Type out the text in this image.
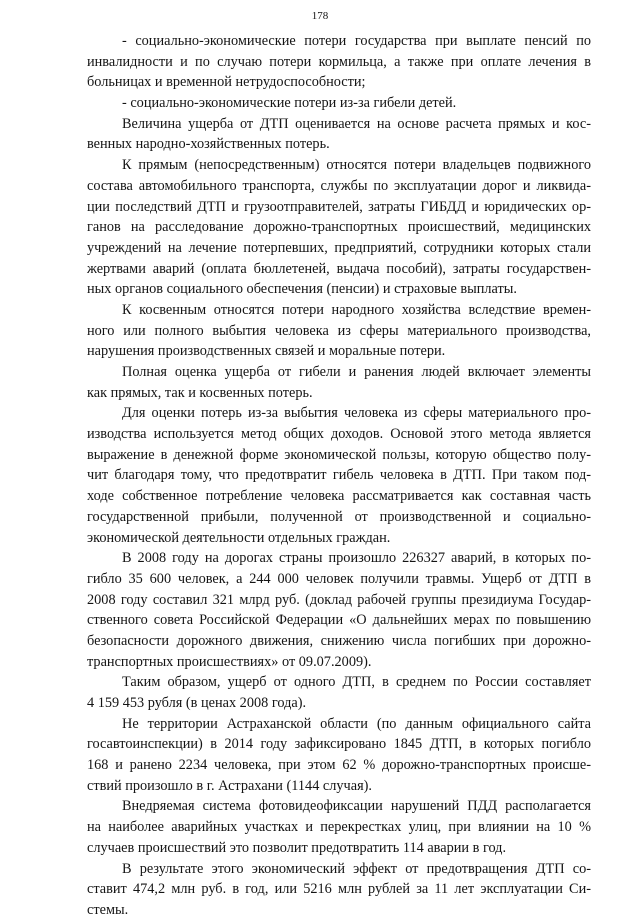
178
- социально-экономические потери государства при выплате пенсий по
инвалидности и по случаю потери кормильца, а также при оплате лечения в
больницах и временной нетрудоспособности;
- социально-экономические потери из-за гибели детей.
Величина ущерба от ДТП оценивается на основе расчета прямых и кос-
венных народно-хозяйственных потерь.
К прямым (непосредственным) относятся потери владельцев подвижного
состава автомобильного транспорта, службы по эксплуатации дорог и ликвида-
ции последствий ДТП и грузоотправителей, затраты ГИБДД и юридических ор-
ганов на расследование дорожно-транспортных происшествий, медицинских
учреждений на лечение потерпевших, предприятий, сотрудники которых стали
жертвами аварий (оплата бюллетеней, выдача пособий), затраты государствен-
ных органов социального обеспечения (пенсии) и страховые выплаты.
К косвенным относятся потери народного хозяйства вследствие времен-
ного или полного выбытия человека из сферы материального производства,
нарушения производственных связей и моральные потери.
Полная оценка ущерба от гибели и ранения людей включает элементы
как прямых, так и косвенных потерь.
Для оценки потерь из-за выбытия человека из сферы материального про-
изводства используется метод общих доходов. Основой этого метода является
выражение в денежной форме экономической пользы, которую общество полу-
чит благодаря тому, что предотвратит гибель человека в ДТП. При таком под-
ходе собственное потребление человека рассматривается как составная часть
государственной прибыли, полученной от производственной и социально-
экономической деятельности отдельных граждан.
В 2008 году на дорогах страны произошло 226327 аварий, в которых по-
гибло 35 600 человек, а 244 000 человек получили травмы. Ущерб от ДТП в
2008 году составил 321 млрд руб. (доклад рабочей группы президиума Государ-
ственного совета Российской Федерации «О дальнейших мерах по повышению
безопасности дорожного движения, снижению числа погибших при дорожно-
транспортных происшествиях» от 09.07.2009).
Таким образом, ущерб от одного ДТП, в среднем по России составляет
4 159 453 рубля (в ценах 2008 года).
Не территории Астраханской области (по данным официального сайта
госавтоинспекции) в 2014 году зафиксировано 1845 ДТП, в которых погибло
168 и ранено 2234 человека, при этом 62 % дорожно-транспортных происше-
ствий произошло в г. Астрахани (1144 случая).
Внедряемая система фотовидеофиксации нарушений ПДД располагается
на наиболее аварийных участках и перекрестках улиц, при влиянии на 10 %
случаев происшествий это позволит предотвратить 114 аварии в год.
В результате этого экономический эффект от предотвращения ДТП со-
ставит 474,2 млн руб. в год, или 5216 млн рублей за 11 лет эксплуатации Си-
стемы.
